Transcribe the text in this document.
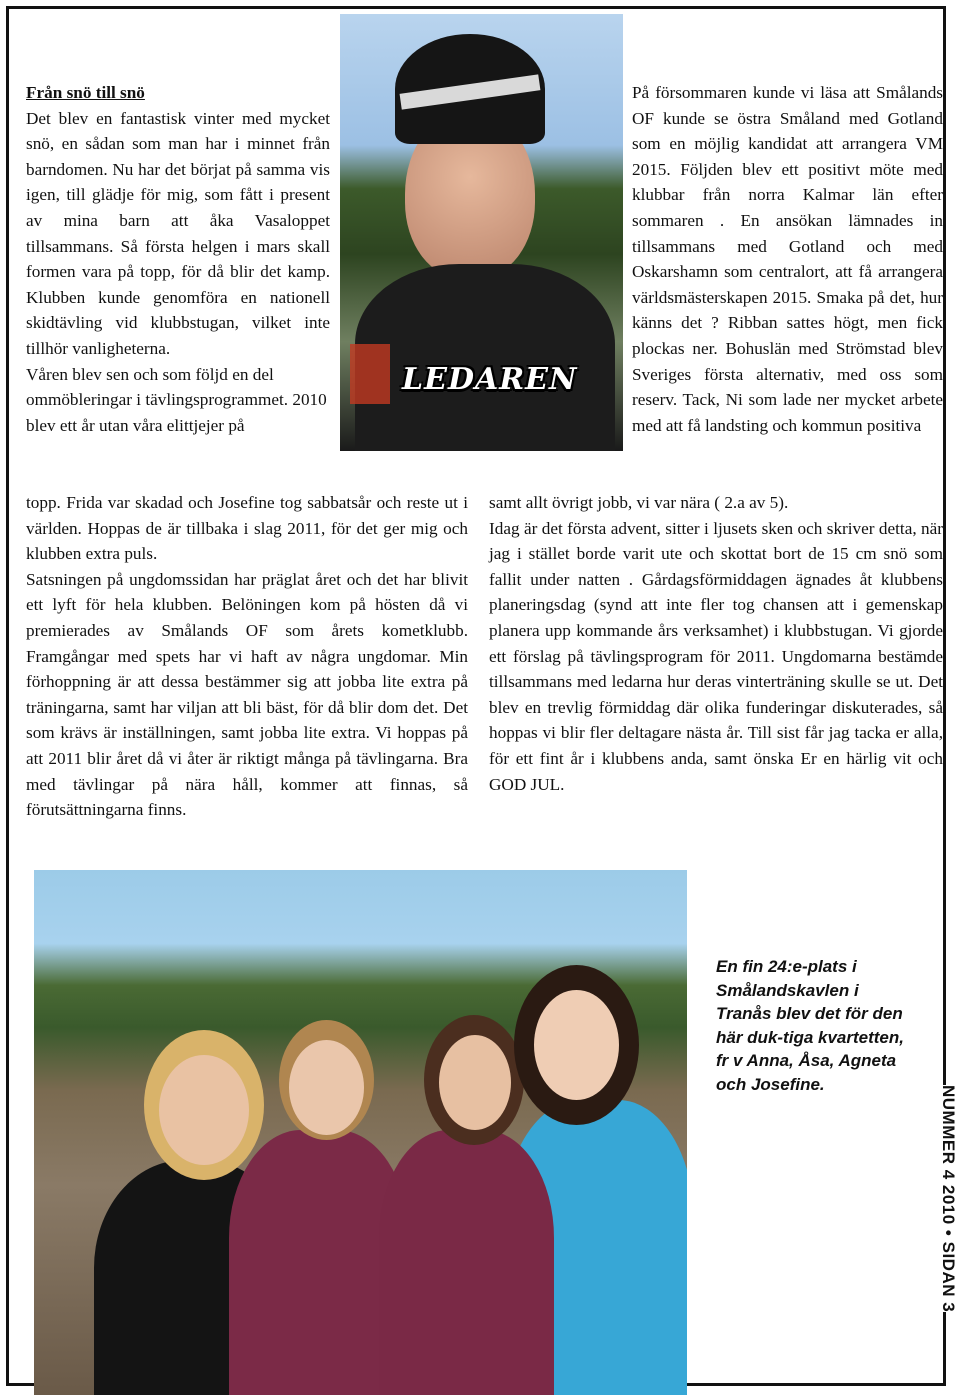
Från snö till snö

Det blev en fantastisk vinter med mycket snö, en sådan som man har i minnet från barndomen. Nu har det börjat på samma vis igen, till glädje för mig, som fått i present av mina barn att åka Vasaloppet tillsammans. Så första helgen i mars skall formen vara på topp, för då blir det kamp. Klubben kunde genomföra en nationell skidtävling vid klubbstugan, vilket inte tillhör vanligheterna.

Våren blev sen och som följd en del ommöbleringar i tävlingsprogrammet. 2010 blev ett år utan våra elittjejer på

topp. Frida var skadad och Josefine tog sabbatsår och reste ut i världen. Hoppas de är tillbaka i slag 2011, för det ger mig och klubben extra puls.

Satsningen på ungdomssidan har präglat året och det har blivit ett lyft för hela klubben. Belöningen kom på hösten då vi premierades av Smålands OF som årets kometklubb. Framgångar med spets har vi haft av några ungdomar. Min förhoppning är att dessa bestämmer sig att jobba lite extra på träningarna, samt har viljan att bli bäst, för då blir dom det. Det som krävs är inställningen, samt jobba lite extra. Vi hoppas på att 2011 blir året då vi åter är riktigt många på tävlingarna. Bra med tävlingar på nära håll, kommer att finnas, så förutsättningarna finns.

LEDAREN

På försommaren kunde vi läsa att Smålands OF kunde se östra Småland med Gotland som en möjlig kandidat att arrangera VM 2015. Följden blev ett positivt möte med klubbar från norra Kalmar län efter sommaren . En ansökan lämnades in tillsammans med Gotland och med Oskarshamn som centralort, att få arrangera världsmästerskapen 2015. Smaka på det, hur känns det ? Ribban sattes högt, men fick plockas ner. Bohuslän med Strömstad blev Sveriges första alternativ, med oss som reserv. Tack, Ni som lade ner mycket arbete med att få landsting och kommun positiva

samt allt övrigt jobb, vi var nära ( 2.a av 5).

Idag är det första advent, sitter i ljusets sken och skriver detta, när jag i stället borde varit ute och skottat bort de 15 cm snö som fallit under natten . Gårdagsförmiddagen ägnades åt klubbens planeringsdag (synd att inte fler tog chansen att i gemenskap planera upp kommande års verksamhet) i klubbstugan. Vi gjorde ett förslag på tävlingsprogram för 2011. Ungdomarna bestämde tillsammans med ledarna hur deras vinterträning skulle se ut. Det blev en trevlig förmiddag där olika funderingar diskuterades, så hoppas vi blir fler deltagare nästa år. Till sist får jag tacka er alla, för ett fint år i klubbens anda, samt önska Er en härlig vit och GOD JUL.

En fin 24:e-plats i Smålandskavlen i Tranås blev det för den här duk-tiga kvartetten, fr v Anna, Åsa, Agneta och Josefine.

NUMMER 4 2010 • SIDAN 3
